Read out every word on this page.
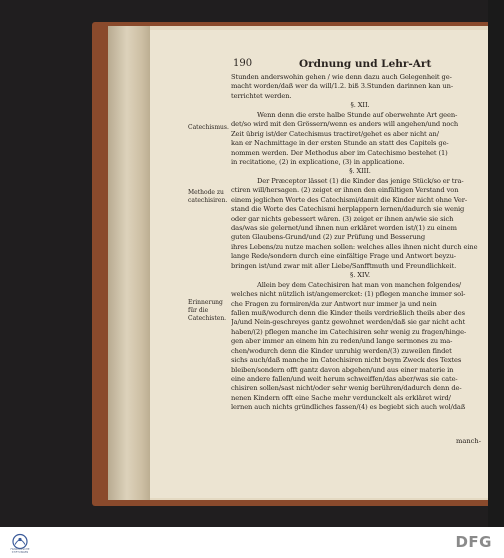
190	Ordnung und Lehr-Art
Catechismus.
Methode zu catechisiren.
Erinnerung für die Catechisten.
Stunden anderswohin gehen / wie denn dazu auch Gelegenheit ge-
macht worden/daß wer da will/1.2. biß 3.Stunden darinnen kan un-
terrichtet werden.
§. XII.
Wenn denn die erste halbe Stunde auf oberwehnte Art geen-
det/so wird mit den Grössern/wenn es anders will angehen/und noch
Zeit übrig ist/der Catechismus tractiret/gehet es aber nicht an/
kan er Nachmittage in der ersten Stunde an statt des Capitels ge-
nommen werden. Der Methodus aber im Catechismo bestehet (1)
in recitatione, (2) in explicatione, (3) in applicatione.
§. XIII.
Der Præceptor lässet (1) die Kinder das jenige Stück/so er tra-
ctiren will/hersagen. (2) zeiget er ihnen den einfältigen Verstand von
einem jeglichen Worte des Catechismi/damit die Kinder nicht ohne Ver-
stand die Worte des Catechismi herplappern lernen/dadurch sie wenig
oder gar nichts gebessert wären. (3) zeiget er ihnen an/wie sie sich
das/was sie gelernet/und ihnen nun erkläret worden ist/(1) zu einem
guten Glaubens-Grund/und (2) zur Prüfung und Besserung
ihres Lebens/zu nutze machen sollen: welches alles ihnen nicht durch eine
lange Rede/sondern durch eine einfältige Frage und Antwort beyzu-
bringen ist/und zwar mit aller Liebe/Sanfftmuth und Freundlichkeit.
§. XIV.
Allein bey dem Catechisiren hat man von manchen folgendes/
welches nicht nützlich ist/angemercket: (1) pflegen manche immer sol-
che Fragen zu formiren/da zur Antwort nur immer ja und nein
fallen muß/wodurch denn die Kinder theils verdrießlich theils aber des
Ja/und Nein-geschreyes gantz gewohnet werden/daß sie gar nicht acht
haben/(2) pflegen manche im Catechisiren sehr wenig zu fragen/hinge-
gen aber immer an einem hin zu reden/und lange sermones zu ma-
chen/wodurch denn die Kinder unruhig werden/(3) zuweilen findet
sichs auch/daß manche im Catechisiren nicht beym Zweck des Textes
bleiben/sondern offt gantz davon abgehen/und aus einer materie in
eine andere fallen/und weit herum schweiffen/das aber/was sie cate-
chisiren sollen/sast nicht/oder sehr wenig berühren/dadurch denn de-
nenen Kindern offt eine Sache mehr verdunckelt als erkläret wird/
lernen auch nichts gründliches fassen/(4) es begiebt sich auch wol/daß
manch-
FRANCKESCHE STIFTUNGEN
DFG
